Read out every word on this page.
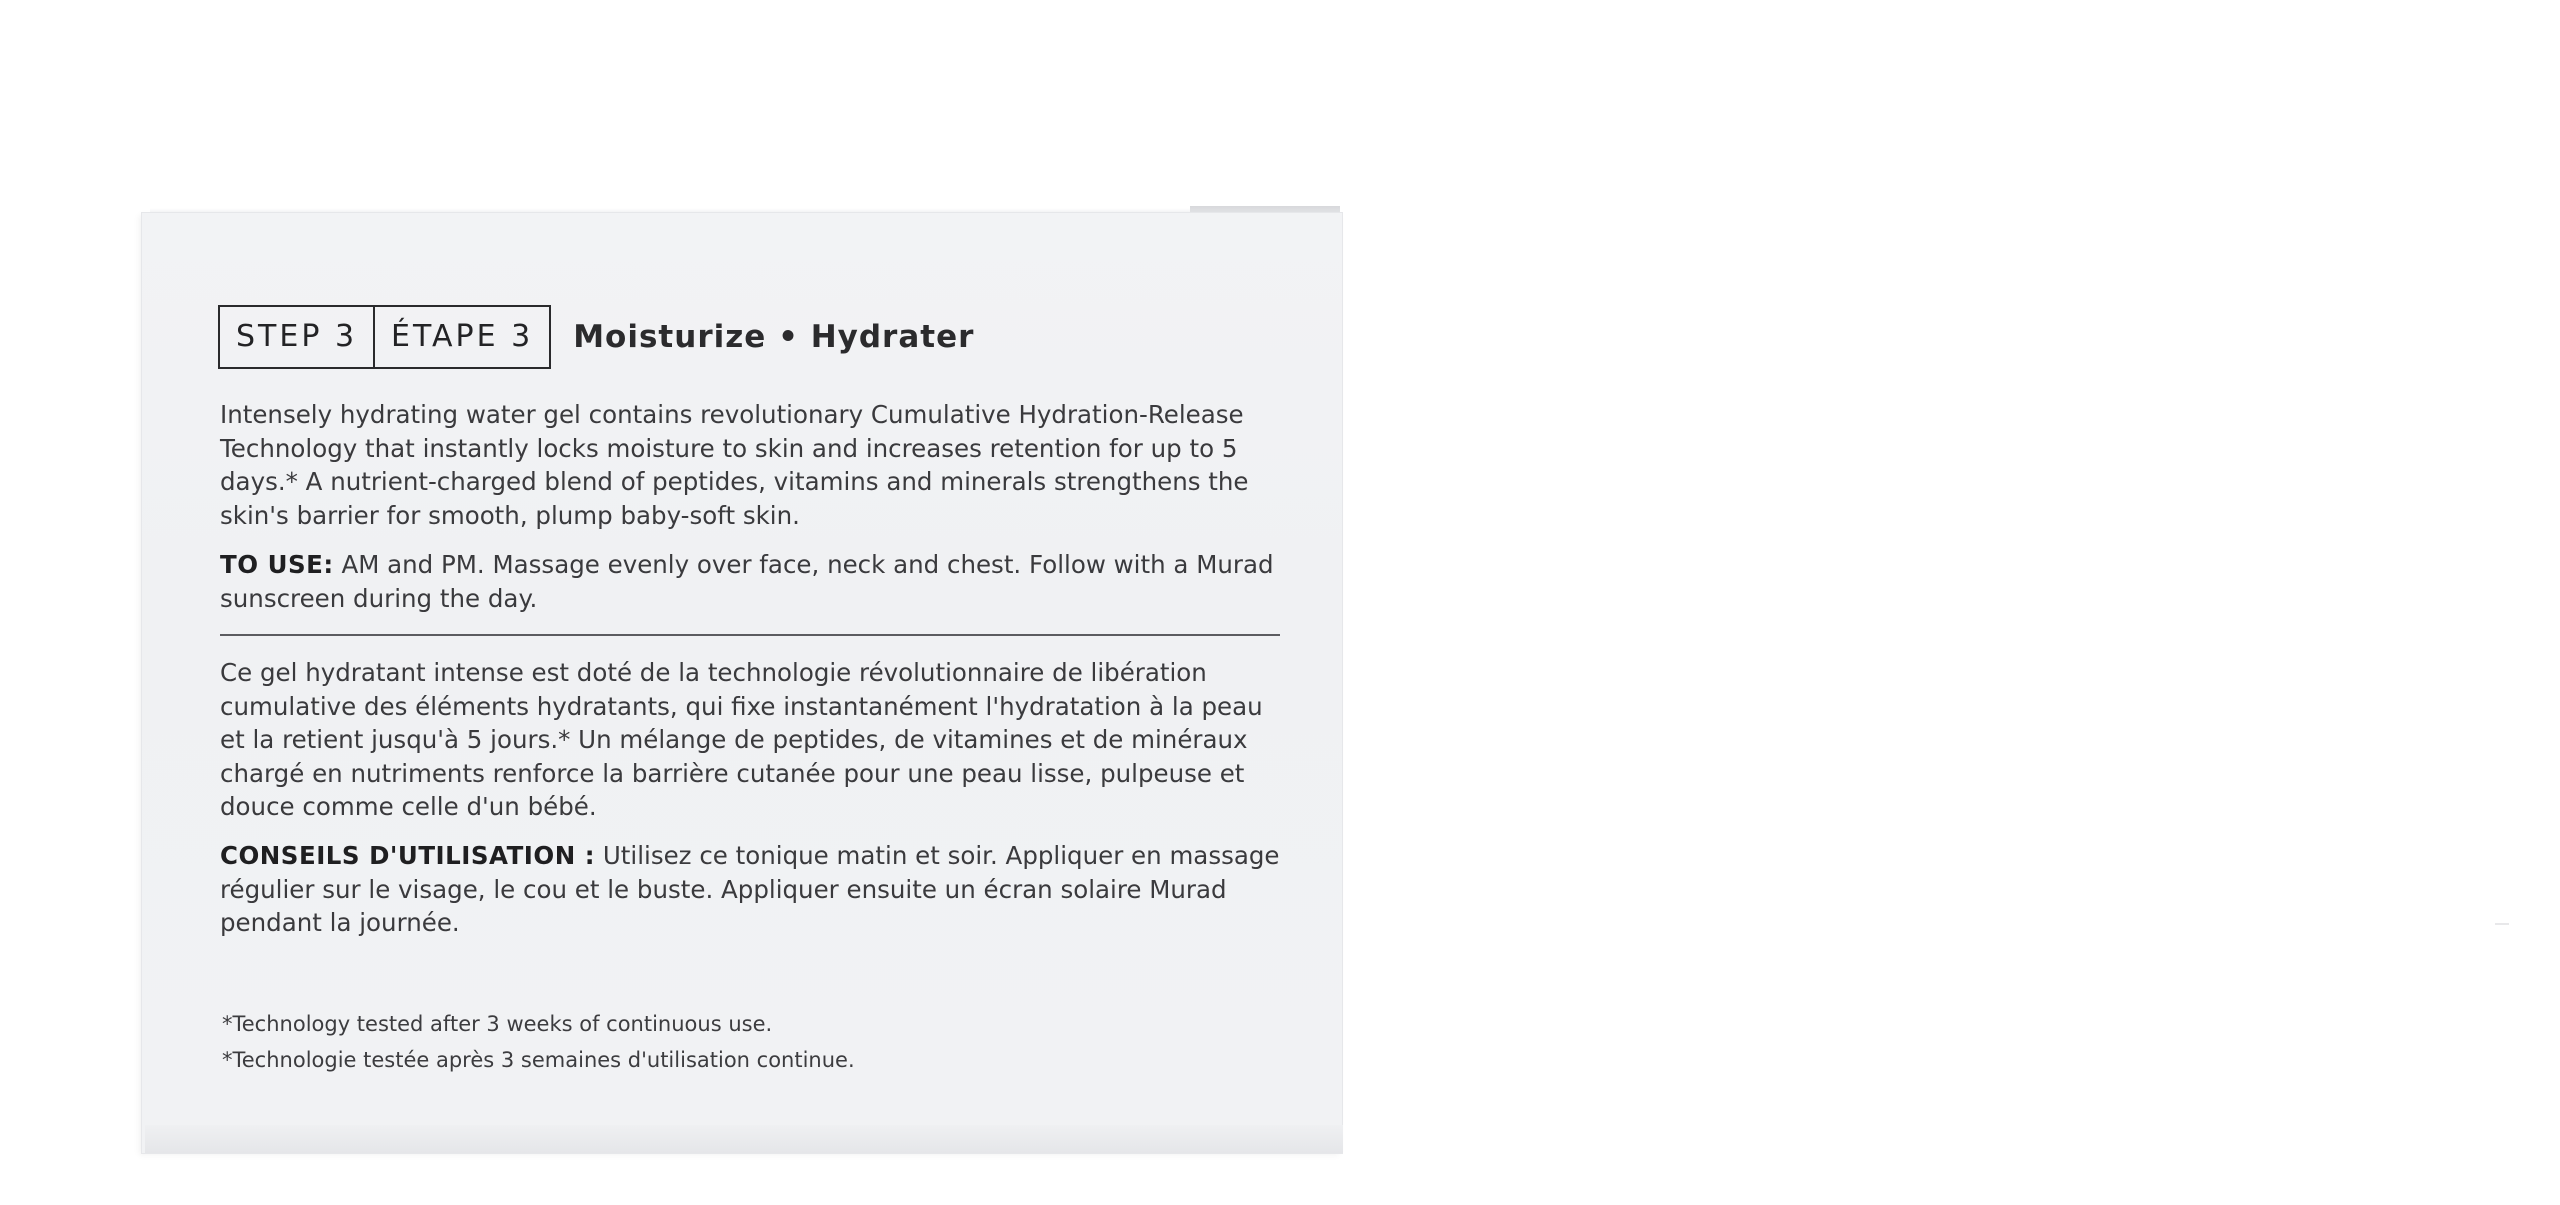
STEP 3	ÉTAPE 3	Moisturize • Hydrater
Intensely hydrating water gel contains revolutionary Cumulative Hydration-Release Technology that instantly locks moisture to skin and increases retention for up to 5 days.* A nutrient-charged blend of peptides, vitamins and minerals strengthens the skin's barrier for smooth, plump baby-soft skin.
TO USE: AM and PM. Massage evenly over face, neck and chest. Follow with a Murad sunscreen during the day.
Ce gel hydratant intense est doté de la technologie révolutionnaire de libération cumulative des éléments hydratants, qui fixe instantanément l'hydratation à la peau et la retient jusqu'à 5 jours.* Un mélange de peptides, de vitamines et de minéraux chargé en nutriments renforce la barrière cutanée pour une peau lisse, pulpeuse et douce comme celle d'un bébé.
CONSEILS D'UTILISATION : Utilisez ce tonique matin et soir. Appliquer en massage régulier sur le visage, le cou et le buste. Appliquer ensuite un écran solaire Murad pendant la journée.
*Technology tested after 3 weeks of continuous use.
*Technologie testée après 3 semaines d'utilisation continue.
